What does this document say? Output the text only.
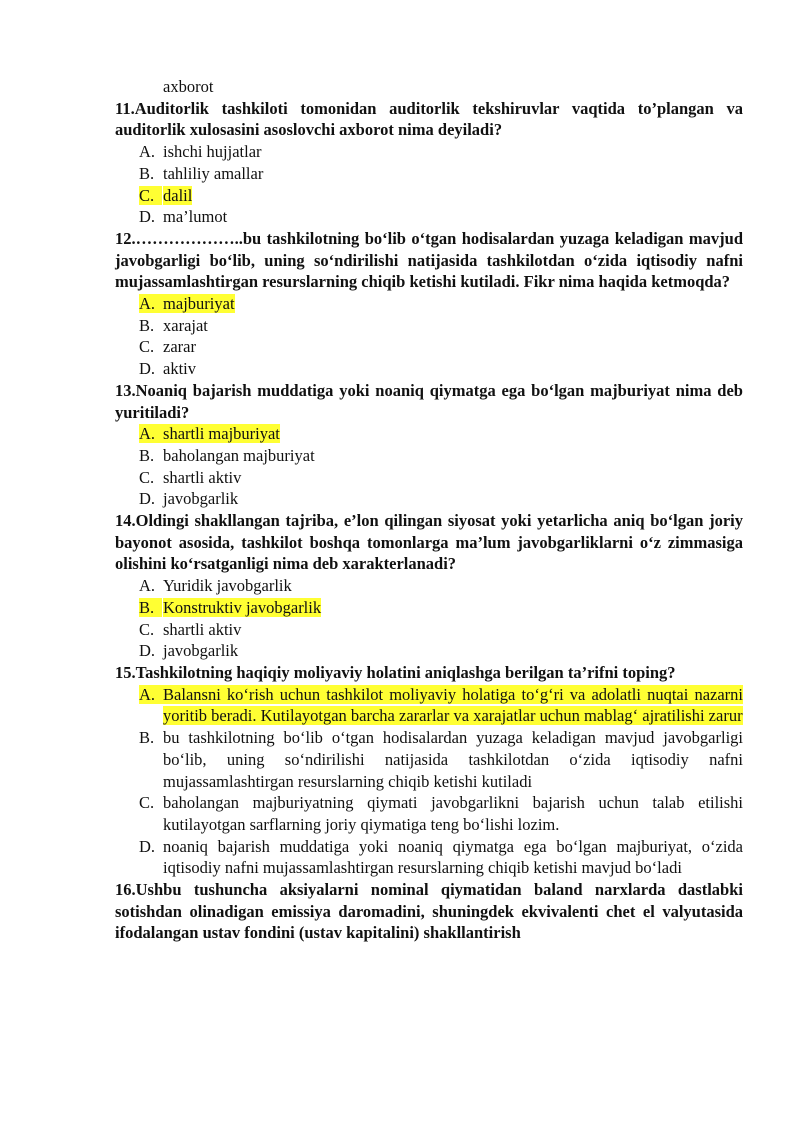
axborot
11.Auditorlik tashkiloti tomonidan auditorlik tekshiruvlar vaqtida to’plangan va auditorlik xulosasini asoslovchi axborot nima deyiladi?
A. ishchi hujjatlar
B. tahliliy amallar
C. dalil
D. ma’lumot
12.………………..bu tashkilotning bo‘lib o‘tgan hodisalardan yuzaga keladigan mavjud javobgarligi bo‘lib, uning so‘ndirilishi natijasida tashkilotdan o‘zida iqtisodiy nafni mujassamlashtirgan resurslarning chiqib ketishi kutiladi. Fikr nima haqida ketmoqda?
A. majburiyat
B. xarajat
C. zarar
D. aktiv
13.Noaniq bajarish muddatiga yoki noaniq qiymatga ega bo‘lgan majburiyat nima deb yuritiladi?
A. shartli majburiyat
B. baholangan majburiyat
C. shartli aktiv
D. javobgarlik
14.Oldingi shakllangan tajriba, e’lon qilingan siyosat yoki yetarlicha aniq bo‘lgan joriy bayonot asosida, tashkilot boshqa tomonlarga ma’lum javobgarliklarni o‘z zimmasiga olishini ko‘rsatganligi nima deb xarakterlanadi?
A. Yuridik javobgarlik
B. Konstruktiv javobgarlik
C. shartli aktiv
D. javobgarlik
15.Tashkilotning haqiqiy moliyaviy holatini aniqlashga berilgan ta’rifni toping?
A. Balansni ko‘rish uchun tashkilot moliyaviy holatiga to‘g‘ri va adolatli nuqtai nazarni yoritib beradi. Kutilayotgan barcha zararlar va xarajatlar uchun mablag‘ ajratilishi zarur
B. bu tashkilotning bo‘lib o‘tgan hodisalardan yuzaga keladigan mavjud javobgarligi bo‘lib, uning so‘ndirilishi natijasida tashkilotdan o‘zida iqtisodiy nafni mujassamlashtirgan resurslarning chiqib ketishi kutiladi
C. baholangan majburiyatning qiymati javobgarlikni bajarish uchun talab etilishi kutilayotgan sarflarning joriy qiymatiga teng bo‘lishi lozim.
D. noaniq bajarish muddatiga yoki noaniq qiymatga ega bo‘lgan majburiyat, o‘zida iqtisodiy nafni mujassamlashtirgan resurslarning chiqib ketishi mavjud bo‘ladi
16.Ushbu tushuncha aksiyalarni nominal qiymatidan baland narxlarda dastlabki sotishdan olinadigan emissiya daromadini, shuningdek ekvivalenti chet el valyutasida ifodalangan ustav fondini (ustav kapitalini) shakllantirish
